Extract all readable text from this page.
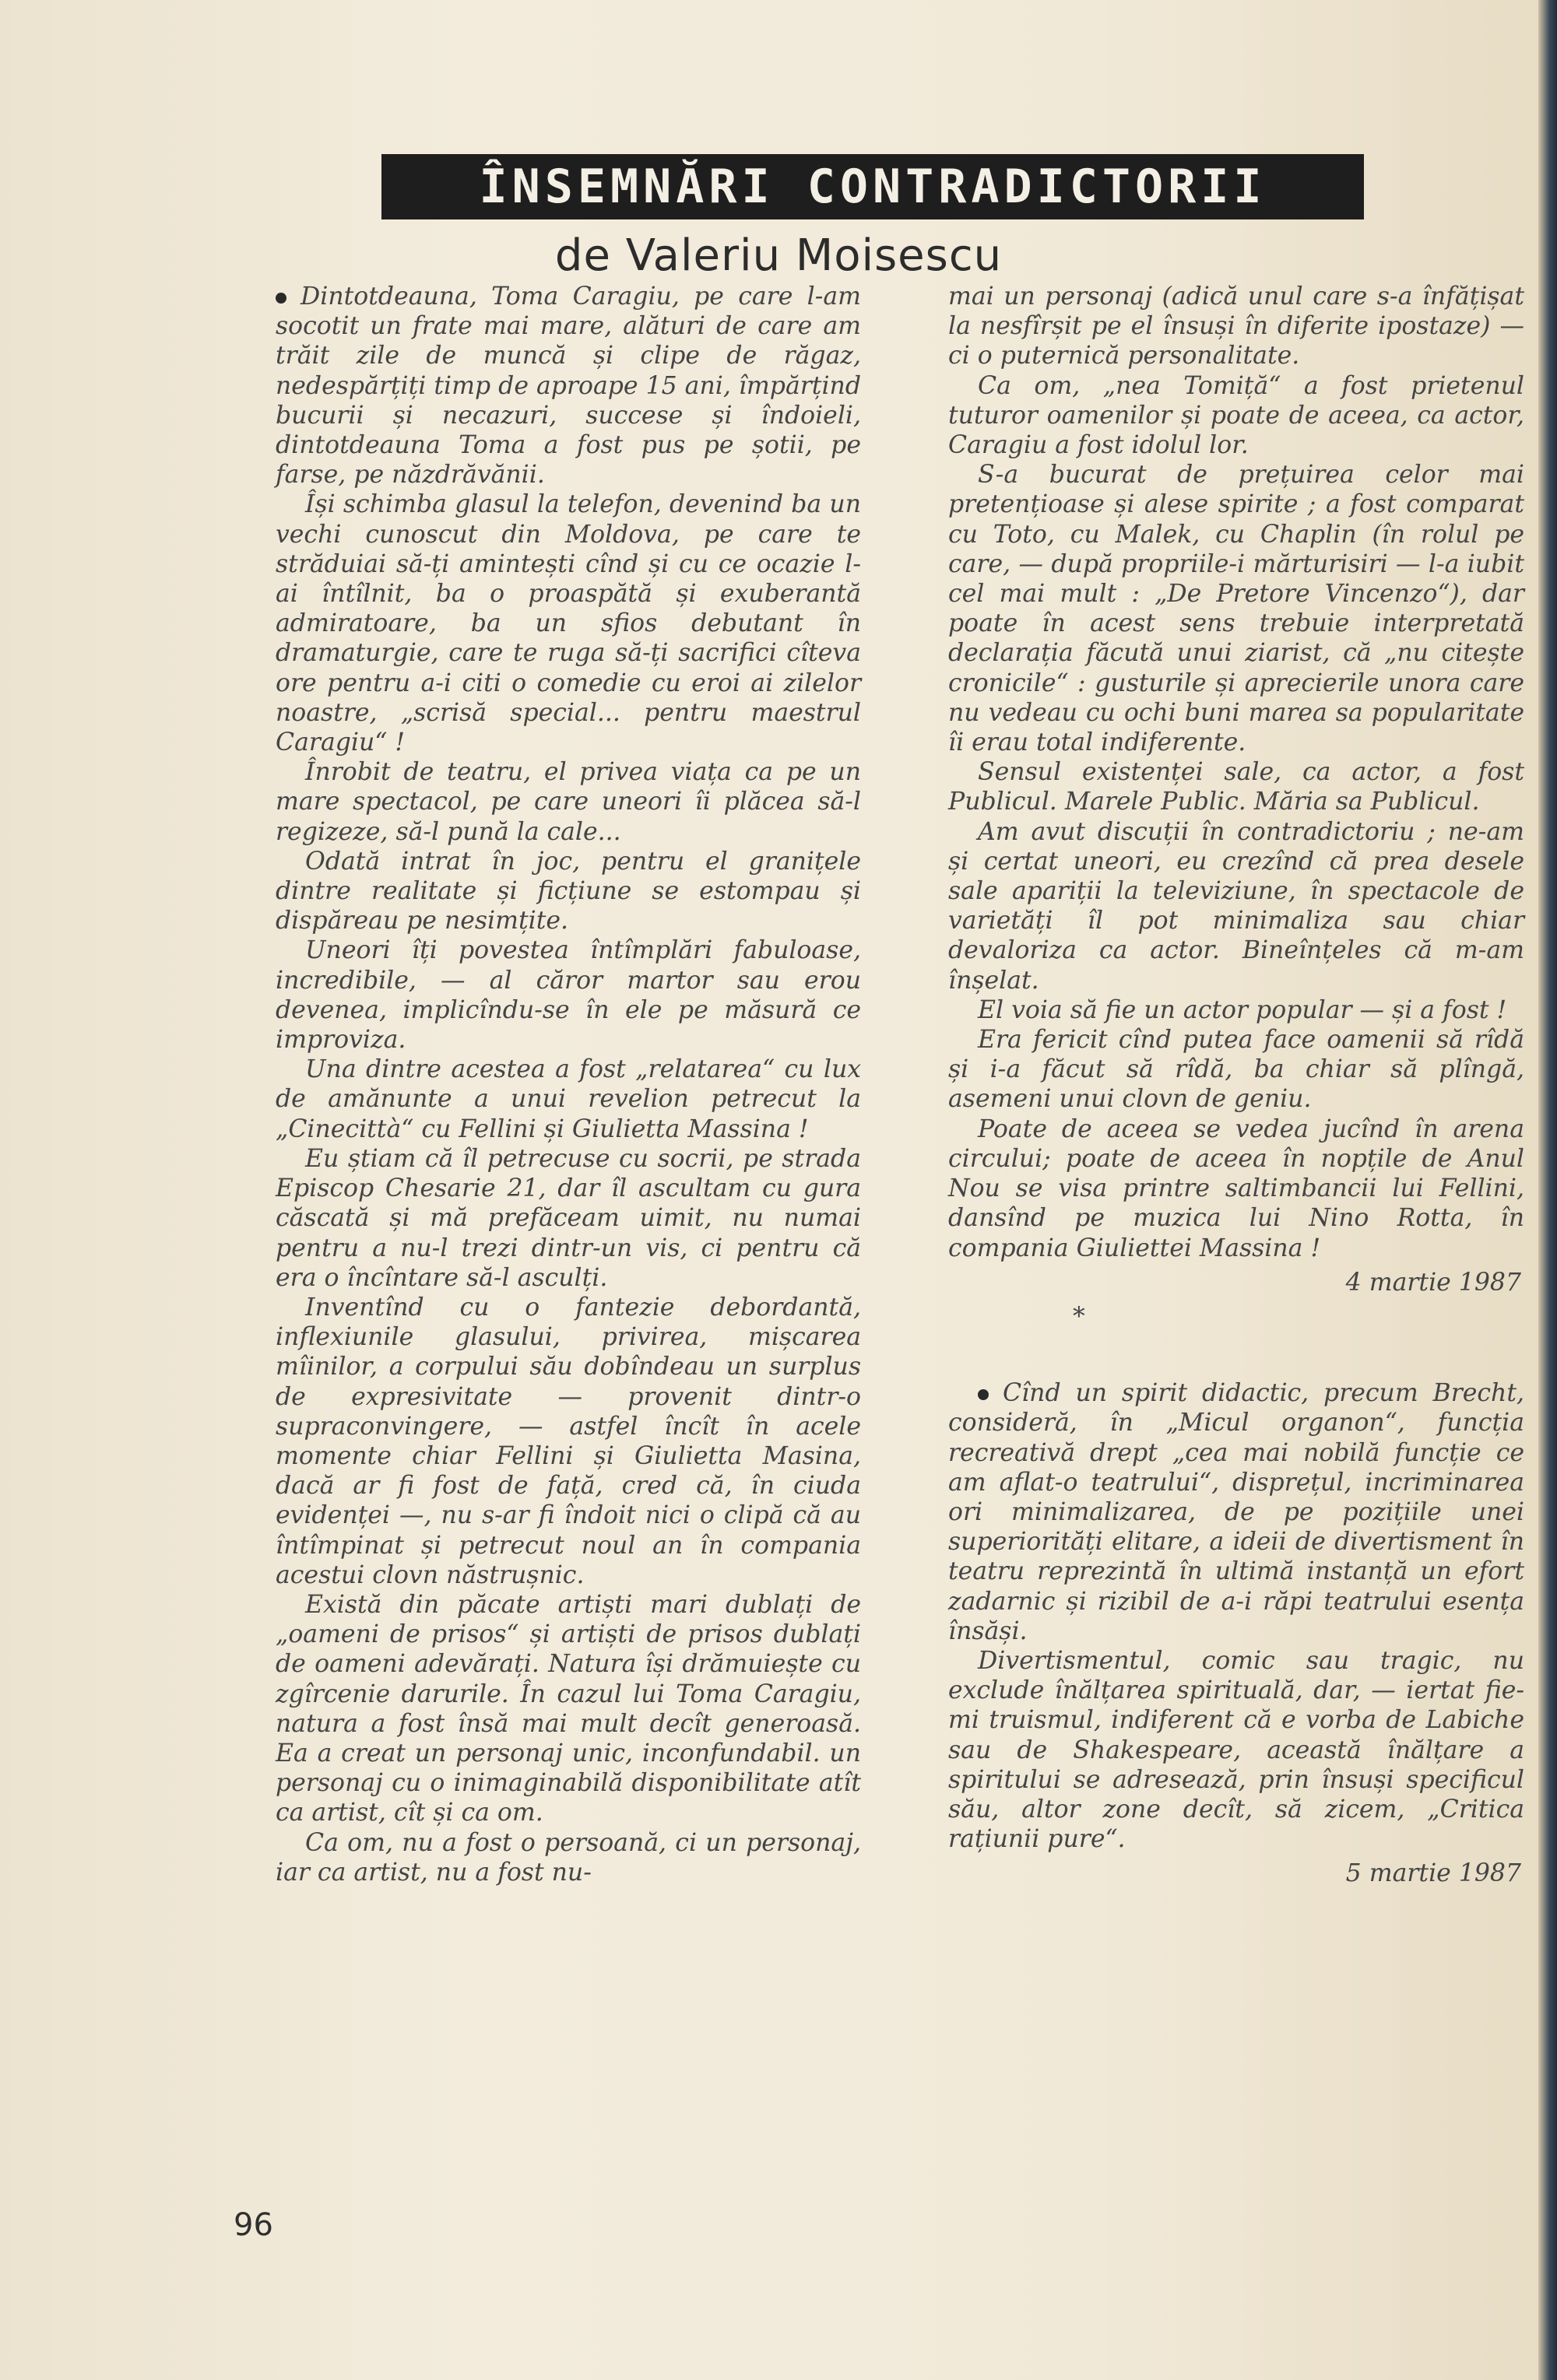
ÎNSEMNĂRI CONTRADICTORII
de Valeriu Moisescu

Dintotdeauna, Toma Caragiu, pe care l-am socotit un frate mai mare, alături de care am trăit zile de muncă și clipe de răgaz, nedespărțiți timp de aproape 15 ani, împărțind bucurii și necazuri, succese și îndoieli, dintotdeauna Toma a fost pus pe șotii, pe farse, pe năzdrăvănii.

Își schimba glasul la telefon, devenind ba un vechi cunoscut din Moldova, pe care te străduiai să-ți amintești cînd și cu ce ocazie l-ai întîlnit, ba o proaspătă și exuberantă admiratoare, ba un sfios debutant în dramaturgie, care te ruga să-ți sacrifici cîteva ore pentru a-i citi o comedie cu eroi ai zilelor noastre, „scrisă special... pentru maestrul Caragiu“ !

Înrobit de teatru, el privea viața ca pe un mare spectacol, pe care uneori îi plăcea să-l regizeze, să-l pună la cale...

Odată intrat în joc, pentru el granițele dintre realitate și ficțiune se estompau și dispăreau pe nesimțite.

Uneori îți povestea întîmplări fabuloase, incredibile, — al căror martor sau erou devenea, implicîndu-se în ele pe măsură ce improviza.

Una dintre acestea a fost „relatarea“ cu lux de amănunte a unui revelion petrecut la „Cinecittà“ cu Fellini și Giulietta Massina !

Eu știam că îl petrecuse cu socrii, pe strada Episcop Chesarie 21, dar îl ascultam cu gura căscată și mă prefăceam uimit, nu numai pentru a nu-l trezi dintr-un vis, ci pentru că era o încîntare să-l asculți.

Inventînd cu o fantezie debordantă, inflexiunile glasului, privirea, mișcarea mîinilor, a corpului său dobîndeau un surplus de expresivitate — provenit dintr-o supraconvingere, — astfel încît în acele momente chiar Fellini și Giulietta Masina, dacă ar fi fost de față, cred că, în ciuda evidenței —, nu s-ar fi îndoit nici o clipă că au întîmpinat și petrecut noul an în compania acestui clovn năstrușnic.

Există din păcate artiști mari dublați de „oameni de prisos“ și artiști de prisos dublați de oameni adevărați. Natura își drămuiește cu zgîrcenie darurile. În cazul lui Toma Caragiu, natura a fost însă mai mult decît generoasă. Ea a creat un personaj unic, inconfundabil. un personaj cu o inimaginabilă disponibilitate atît ca artist, cît și ca om.

Ca om, nu a fost o persoană, ci un personaj, iar ca artist, nu a fost nu-

mai un personaj (adică unul care s-a înfățișat la nesfîrșit pe el însuși în diferite ipostaze) — ci o puternică personalitate.

Ca om, „nea Tomiță“ a fost prietenul tuturor oamenilor și poate de aceea, ca actor, Caragiu a fost idolul lor.

S-a bucurat de prețuirea celor mai pretențioase și alese spirite ; a fost comparat cu Toto, cu Malek, cu Chaplin (în rolul pe care, — după propriile-i mărturisiri — l-a iubit cel mai mult : „De Pretore Vincenzo“), dar poate în acest sens trebuie interpretată declarația făcută unui ziarist, că „nu citește cronicile“ : gusturile și aprecierile unora care nu vedeau cu ochi buni marea sa popularitate îi erau total indiferente.

Sensul existenței sale, ca actor, a fost Publicul. Marele Public. Măria sa Publicul.

Am avut discuții în contradictoriu ; ne-am și certat uneori, eu crezînd că prea desele sale apariții la televiziune, în spectacole de varietăți îl pot minimaliza sau chiar devaloriza ca actor. Bineînțeles că m-am înșelat.

El voia să fie un actor popular — și a fost !

Era fericit cînd putea face oamenii să rîdă și i-a făcut să rîdă, ba chiar să plîngă, asemeni unui clovn de geniu.

Poate de aceea se vedea jucînd în arena circului; poate de aceea în nopțile de Anul Nou se visa printre saltimbancii lui Fellini, dansînd pe muzica lui Nino Rotta, în compania Giuliettei Massina !

4 martie 1987

*

Cînd un spirit didactic, precum Brecht, consideră, în „Micul organon“, funcția recreativă drept „cea mai nobilă funcție ce am aflat-o teatrului“, disprețul, incriminarea ori minimalizarea, de pe pozițiile unei superiorități elitare, a ideii de divertisment în teatru reprezintă în ultimă instanță un efort zadarnic și rizibil de a-i răpi teatrului esența însăși.

Divertismentul, comic sau tragic, nu exclude înălțarea spirituală, dar, — iertat fie-mi truismul, indiferent că e vorba de Labiche sau de Shakespeare, această înălțare a spiritului se adresează, prin însuși specificul său, altor zone decît, să zicem, „Critica rațiunii pure“.

5 martie 1987

96
